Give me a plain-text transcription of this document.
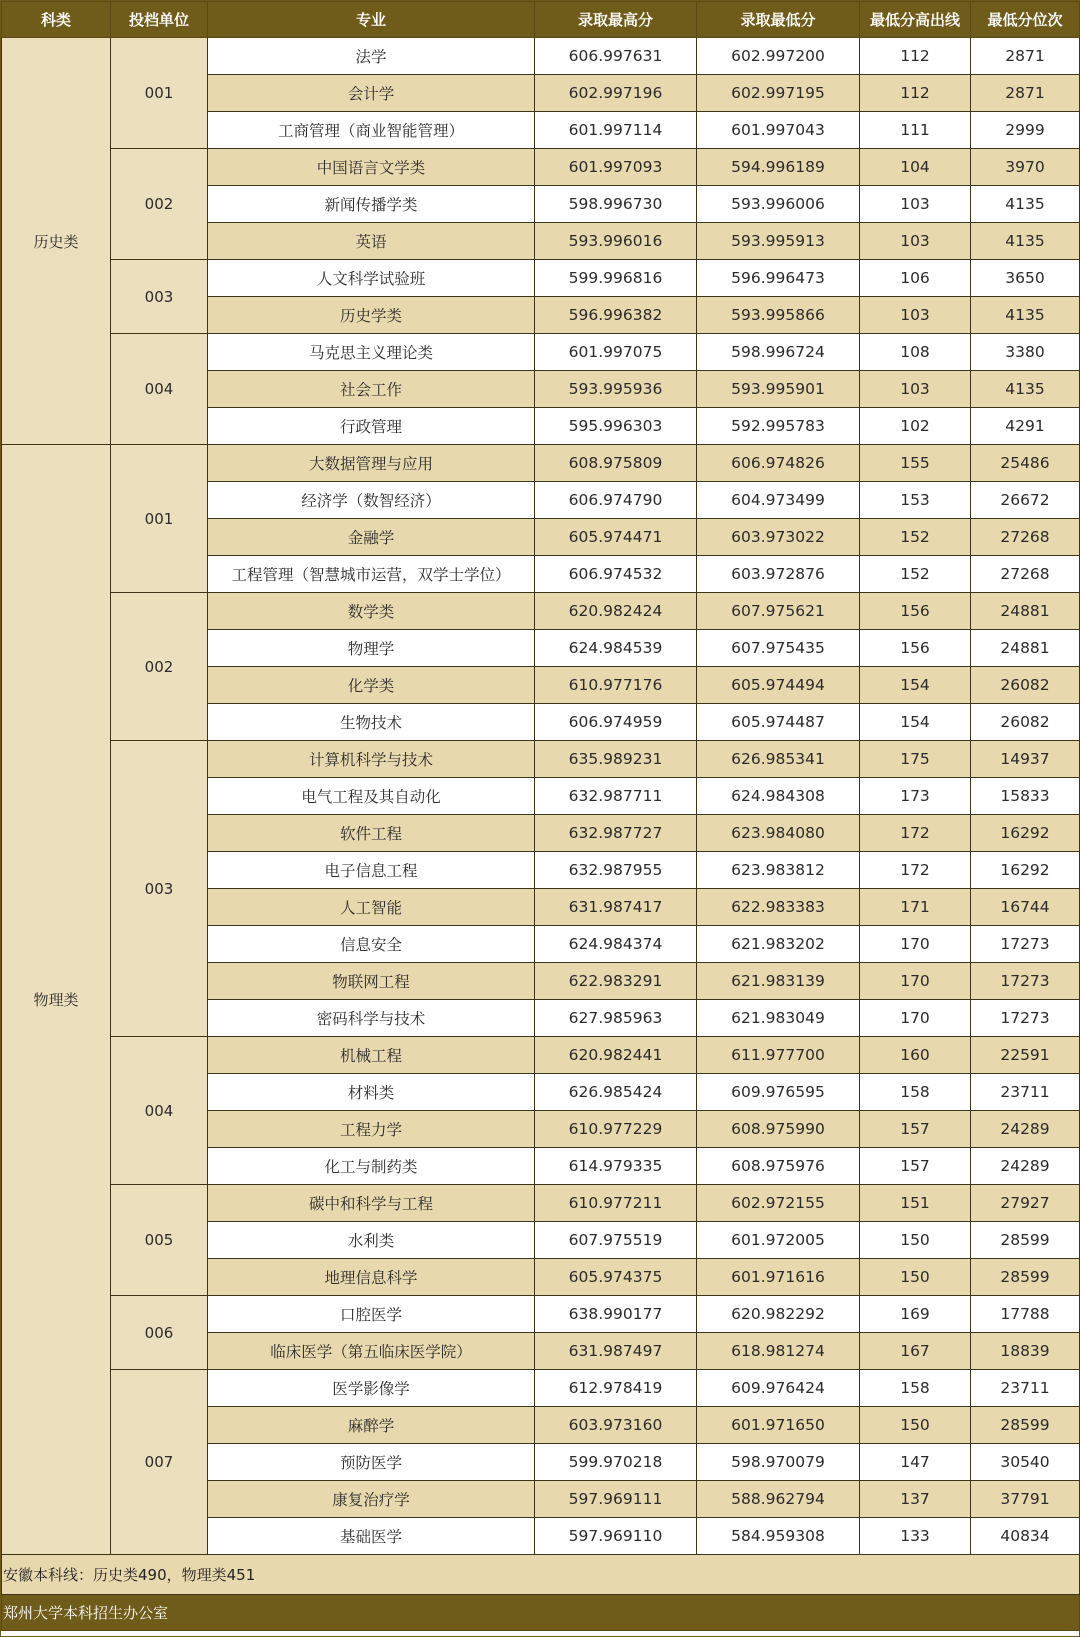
科类	投档单位	专业	录取最高分	录取最低分	最低分高出线	最低分位次
历史类	001	法学	606.997631	602.997200	112	2871
		会计学	602.997196	602.997195	112	2871
		工商管理（商业智能管理）	601.997114	601.997043	111	2999
	002	中国语言文学类	601.997093	594.996189	104	3970
		新闻传播学类	598.996730	593.996006	103	4135
		英语	593.996016	593.995913	103	4135
	003	人文科学试验班	599.996816	596.996473	106	3650
		历史学类	596.996382	593.995866	103	4135
	004	马克思主义理论类	601.997075	598.996724	108	3380
		社会工作	593.995936	593.995901	103	4135
		行政管理	595.996303	592.995783	102	4291
物理类	001	大数据管理与应用	608.975809	606.974826	155	25486
		经济学（数智经济）	606.974790	604.973499	153	26672
		金融学	605.974471	603.973022	152	27268
		工程管理（智慧城市运营，双学士学位）	606.974532	603.972876	152	27268
	002	数学类	620.982424	607.975621	156	24881
		物理学	624.984539	607.975435	156	24881
		化学类	610.977176	605.974494	154	26082
		生物技术	606.974959	605.974487	154	26082
	003	计算机科学与技术	635.989231	626.985341	175	14937
		电气工程及其自动化	632.987711	624.984308	173	15833
		软件工程	632.987727	623.984080	172	16292
		电子信息工程	632.987955	623.983812	172	16292
		人工智能	631.987417	622.983383	171	16744
		信息安全	624.984374	621.983202	170	17273
		物联网工程	622.983291	621.983139	170	17273
		密码科学与技术	627.985963	621.983049	170	17273
	004	机械工程	620.982441	611.977700	160	22591
		材料类	626.985424	609.976595	158	23711
		工程力学	610.977229	608.975990	157	24289
		化工与制药类	614.979335	608.975976	157	24289
	005	碳中和科学与工程	610.977211	602.972155	151	27927
		水利类	607.975519	601.972005	150	28599
		地理信息科学	605.974375	601.971616	150	28599
	006	口腔医学	638.990177	620.982292	169	17788
		临床医学（第五临床医学院）	631.987497	618.981274	167	18839
	007	医学影像学	612.978419	609.976424	158	23711
		麻醉学	603.973160	601.971650	150	28599
		预防医学	599.970218	598.970079	147	30540
		康复治疗学	597.969111	588.962794	137	37791
		基础医学	597.969110	584.959308	133	40834
安徽本科线：历史类490，物理类451						
郑州大学本科招生办公室						
